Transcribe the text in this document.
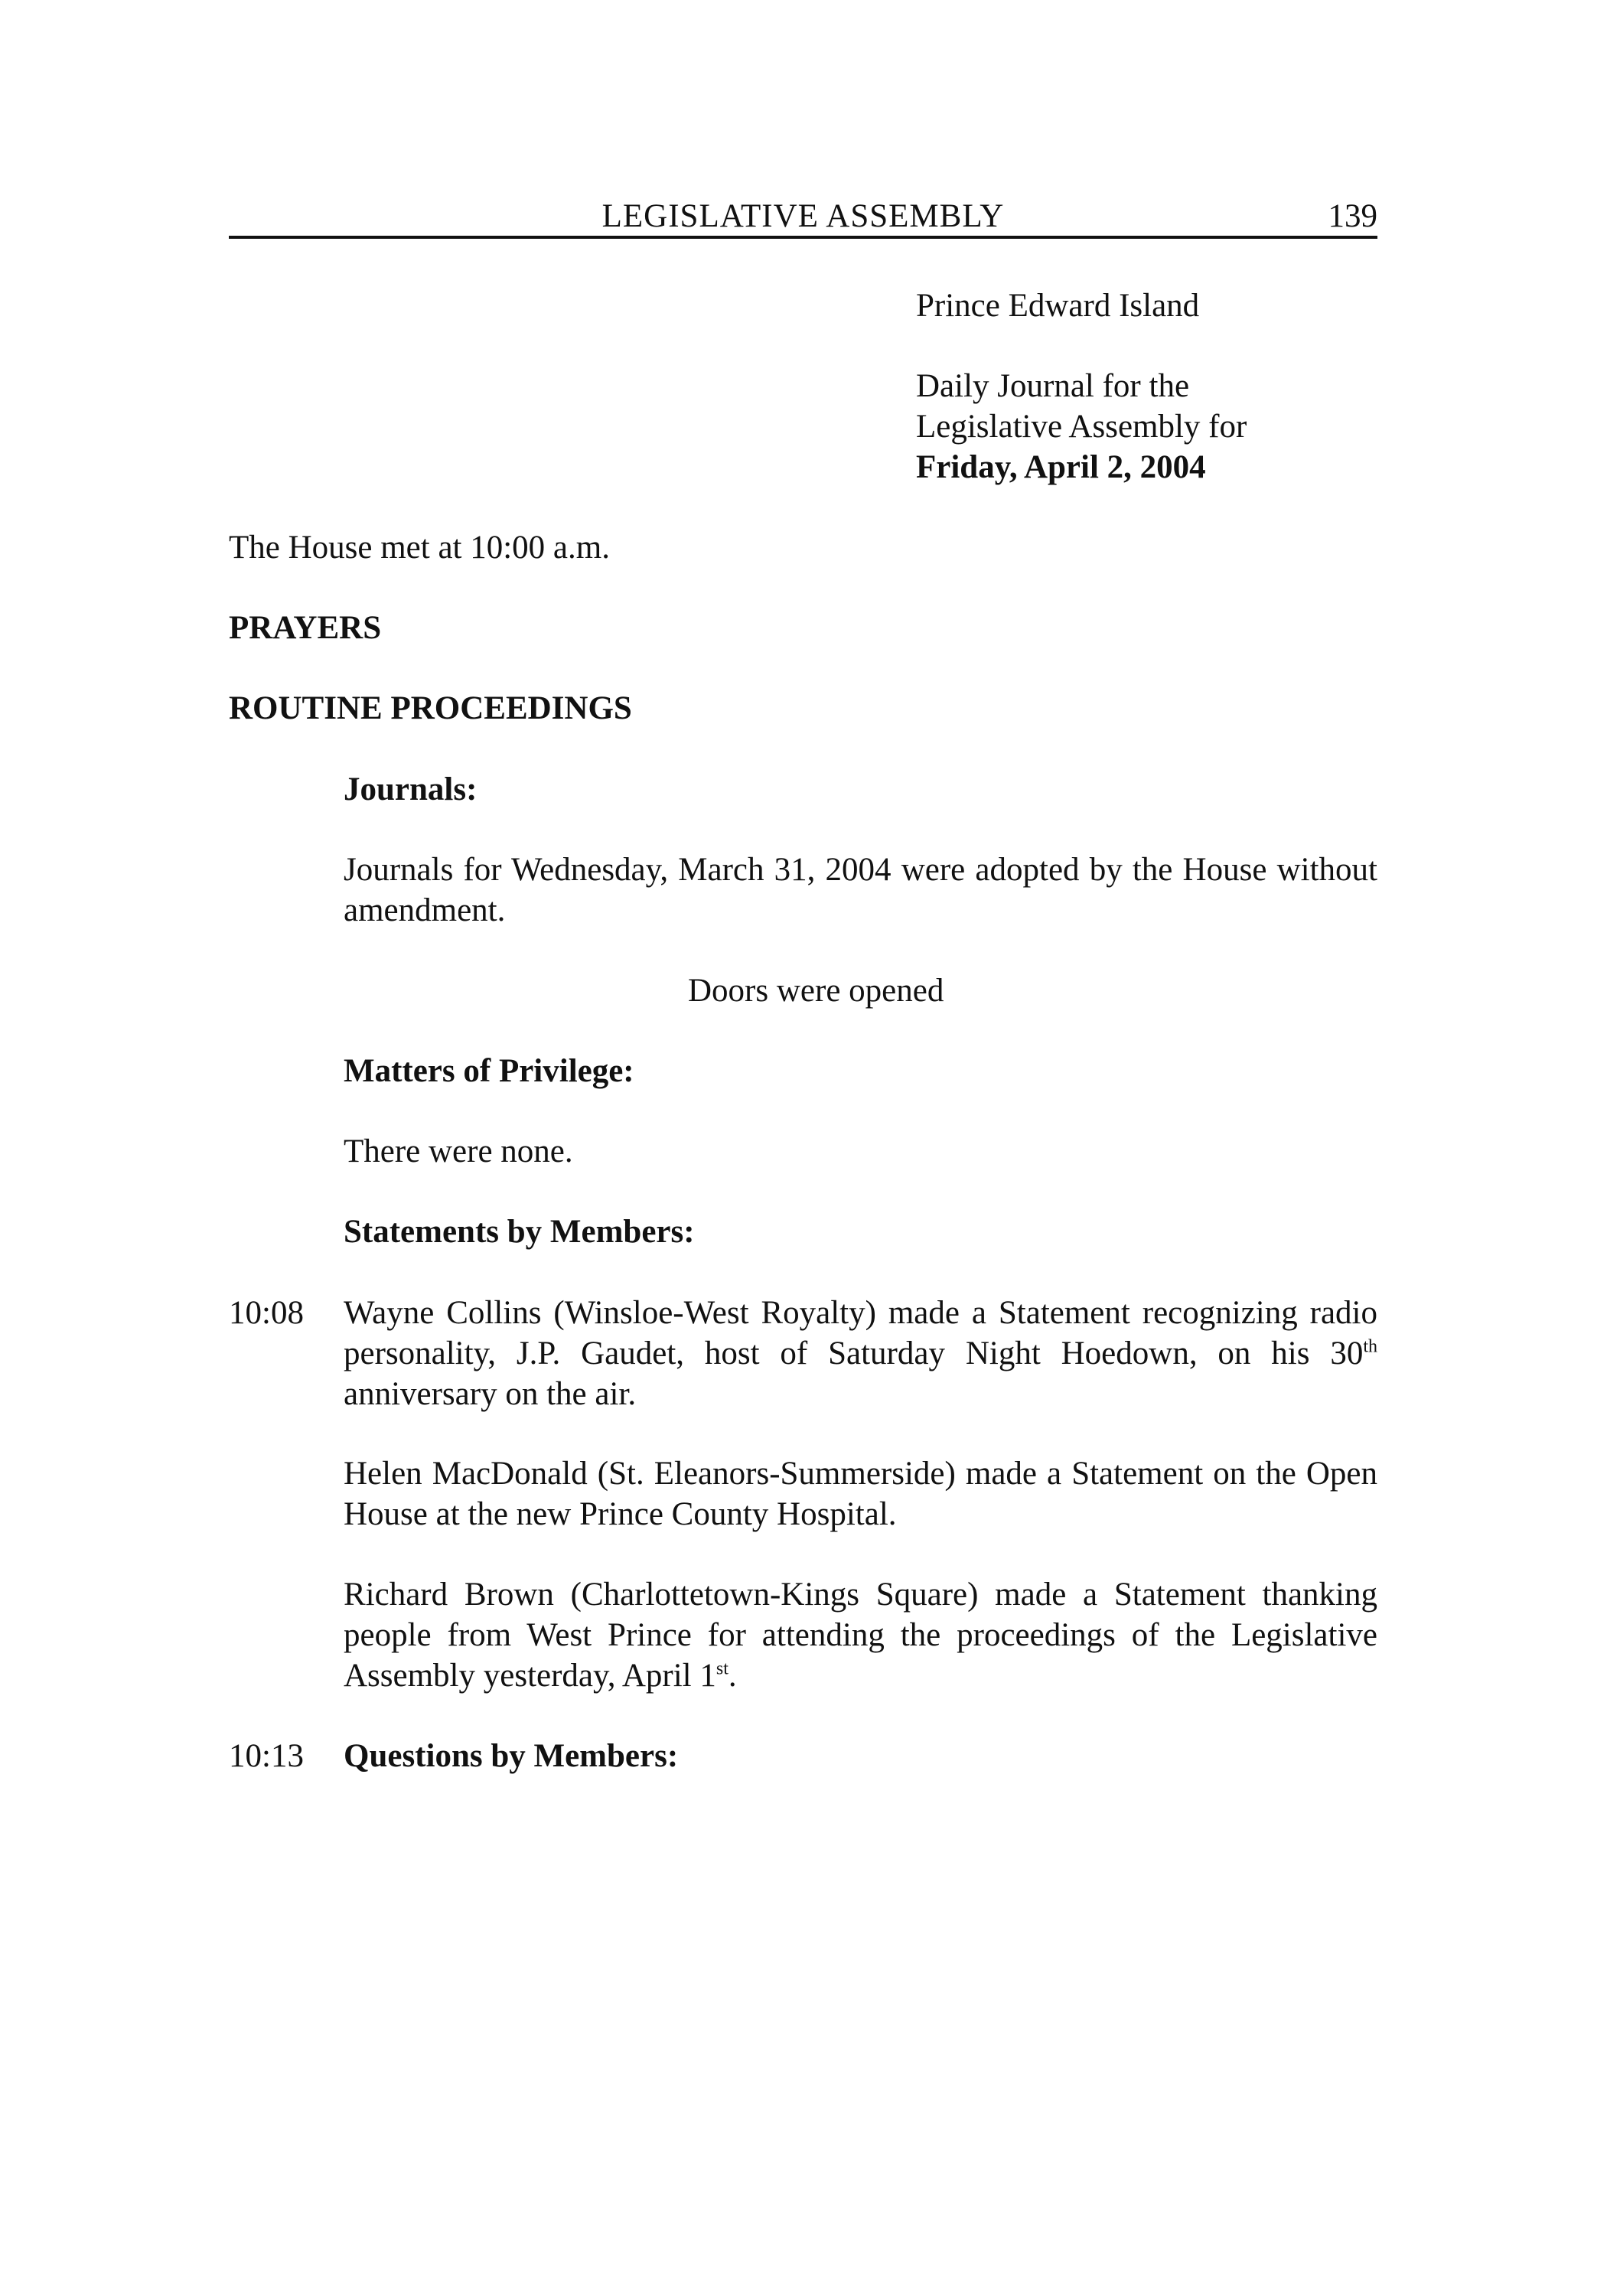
LEGISLATIVE ASSEMBLY	139
Prince Edward Island
Daily Journal for the
Legislative Assembly for
Friday, April 2, 2004
The House met at 10:00 a.m.
PRAYERS
ROUTINE PROCEEDINGS
Journals:
Journals for Wednesday, March 31, 2004 were adopted by the House without amendment.
Doors were opened
Matters of Privilege:
There were none.
Statements by Members:
10:08 Wayne Collins (Winsloe-West Royalty) made a Statement recognizing radio personality, J.P. Gaudet, host of Saturday Night Hoedown, on his 30th anniversary on the air.
Helen MacDonald (St. Eleanors-Summerside) made a Statement on the Open House at the new Prince County Hospital.
Richard Brown (Charlottetown-Kings Square) made a Statement thanking people from West Prince for attending the proceedings of the Legislative Assembly yesterday, April 1st.
10:13 Questions by Members:
